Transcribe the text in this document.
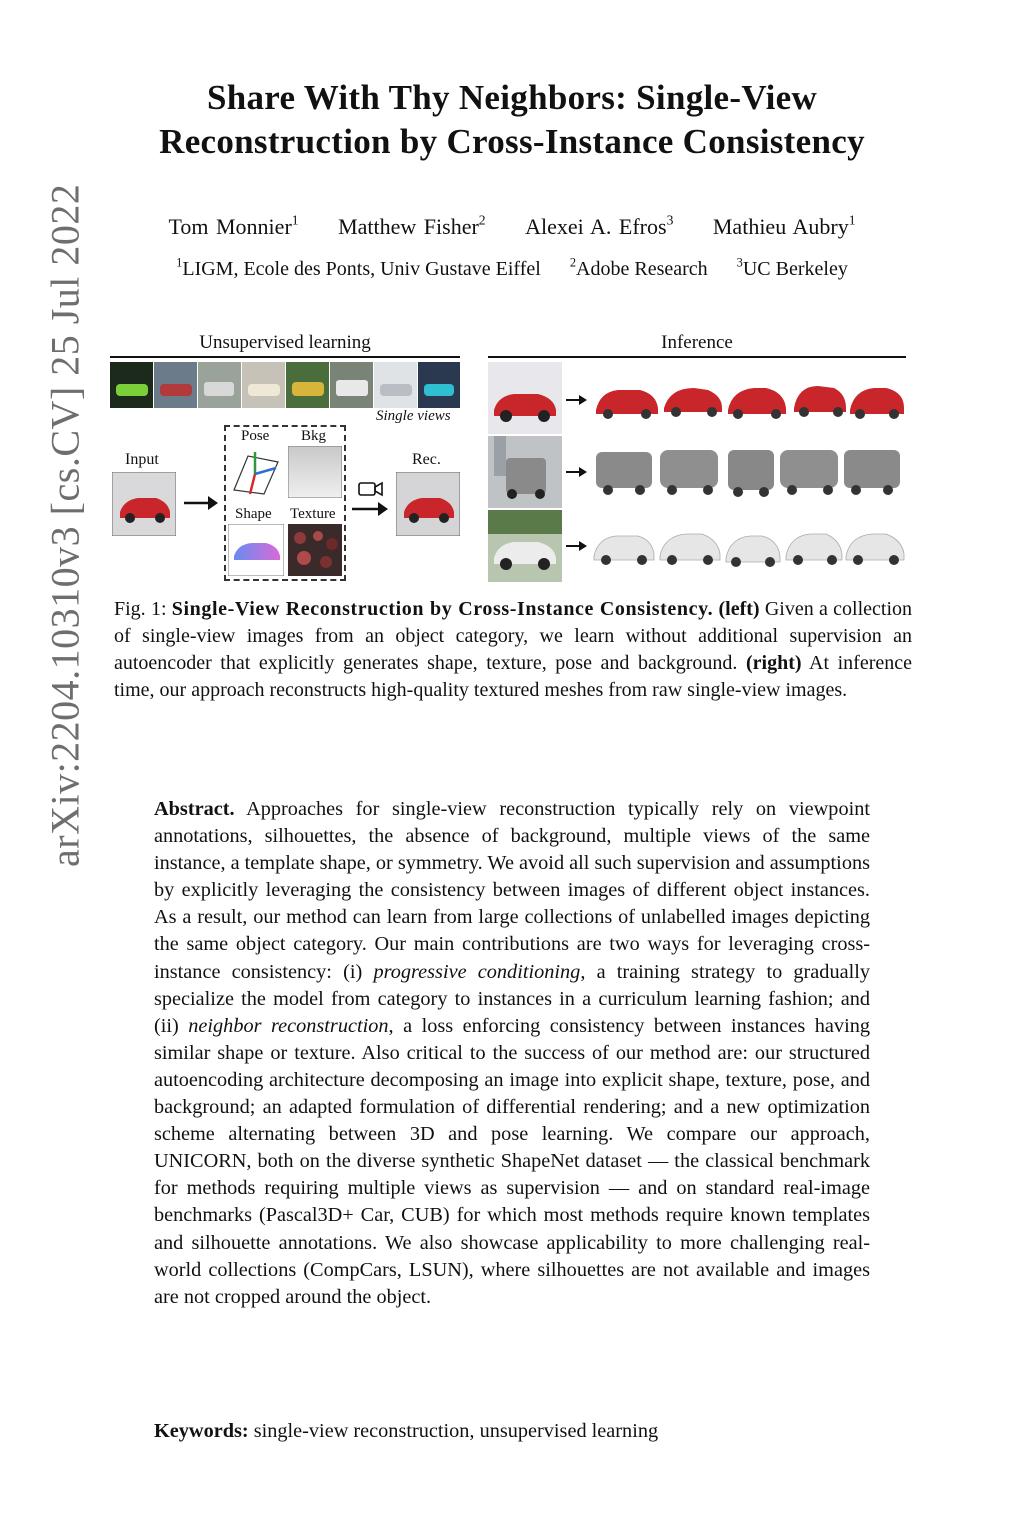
arXiv:2204.10310v3 [cs.CV] 25 Jul 2022
Share With Thy Neighbors: Single-View
Reconstruction by Cross-Instance Consistency
Tom Monnier$^1$ Matthew Fisher$^2$ Alexei A. Efros$^3$ Mathieu Aubry$^1$
$^1$LIGM, Ecole des Ponts, Univ Gustave Eiffel $^2$Adobe Research $^3$UC Berkeley
Unsupervised learning	Inference
Single views
Input
Pose Bkg
Shape Texture
Rec.
Fig. 1: Single-View Reconstruction by Cross-Instance Consistency. (left) Given a collection of single-view images from an object category, we learn without additional supervision an autoencoder that explicitly generates shape, texture, pose and background. (right) At inference time, our approach reconstructs high-quality textured meshes from raw single-view images.
Abstract. Approaches for single-view reconstruction typically rely on viewpoint annotations, silhouettes, the absence of background, multiple views of the same instance, a template shape, or symmetry. We avoid all such supervision and assumptions by explicitly leveraging the consistency between images of different object instances. As a result, our method can learn from large collections of unlabelled images depicting the same object category. Our main contributions are two ways for leveraging cross-instance consistency: (i) progressive conditioning, a training strategy to gradually specialize the model from category to instances in a curriculum learning fashion; and (ii) neighbor reconstruction, a loss enforcing consistency between instances having similar shape or texture. Also critical to the success of our method are: our structured autoencoding architecture decomposing an image into explicit shape, texture, pose, and background; an adapted formulation of differential rendering; and a new optimization scheme alternating between 3D and pose learning. We compare our approach, UNICORN, both on the diverse synthetic ShapeNet dataset — the classical benchmark for methods requiring multiple views as supervision — and on standard real-image benchmarks (Pascal3D+ Car, CUB) for which most methods require known templates and silhouette annotations. We also showcase applicability to more challenging real-world collections (CompCars, LSUN), where silhouettes are not available and images are not cropped around the object.
Keywords: single-view reconstruction, unsupervised learning
